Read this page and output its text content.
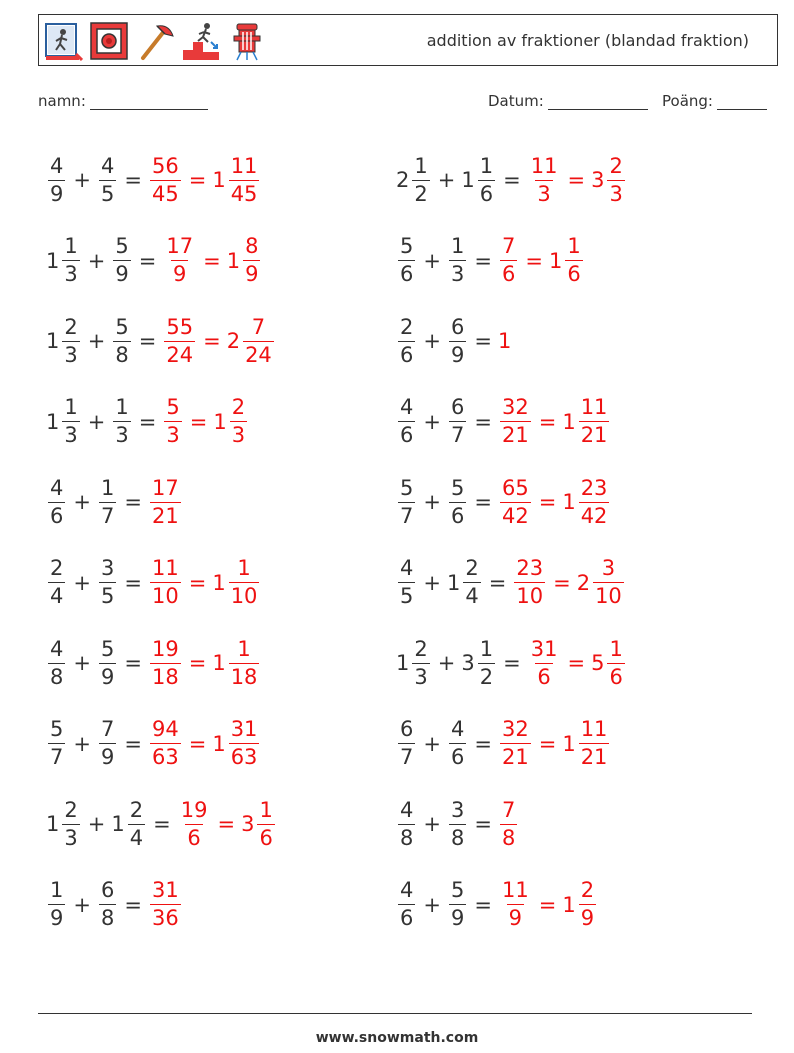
addition av fraktioner (blandad fraktion)
namn:	Datum:	Poäng:
$\frac{4}{9} + \frac{4}{5} = \frac{56}{45} = 1 \frac{11}{45}$	$2 \frac{1}{2} + 1 \frac{1}{6} = \frac{11}{3} = 3 \frac{2}{3}$
$1 \frac{1}{3} + \frac{5}{9} = \frac{17}{9} = 1 \frac{8}{9}$	$\frac{5}{6} + \frac{1}{3} = \frac{7}{6} = 1 \frac{1}{6}$
$1 \frac{2}{3} + \frac{5}{8} = \frac{55}{24} = 2 \frac{7}{24}$	$\frac{2}{6} + \frac{6}{9} = 1$
$1 \frac{1}{3} + \frac{1}{3} = \frac{5}{3} = 1 \frac{2}{3}$	$\frac{4}{6} + \frac{6}{7} = \frac{32}{21} = 1 \frac{11}{21}$
$\frac{4}{6} + \frac{1}{7} = \frac{17}{21}$	$\frac{5}{7} + \frac{5}{6} = \frac{65}{42} = 1 \frac{23}{42}$
$\frac{2}{4} + \frac{3}{5} = \frac{11}{10} = 1 \frac{1}{10}$	$\frac{4}{5} + 1 \frac{2}{4} = \frac{23}{10} = 2 \frac{3}{10}$
$\frac{4}{8} + \frac{5}{9} = \frac{19}{18} = 1 \frac{1}{18}$	$1 \frac{2}{3} + 3 \frac{1}{2} = \frac{31}{6} = 5 \frac{1}{6}$
$\frac{5}{7} + \frac{7}{9} = \frac{94}{63} = 1 \frac{31}{63}$	$\frac{6}{7} + \frac{4}{6} = \frac{32}{21} = 1 \frac{11}{21}$
$1 \frac{2}{3} + 1 \frac{2}{4} = \frac{19}{6} = 3 \frac{1}{6}$	$\frac{4}{8} + \frac{3}{8} = \frac{7}{8}$
$\frac{1}{9} + \frac{6}{8} = \frac{31}{36}$	$\frac{4}{6} + \frac{5}{9} = \frac{11}{9} = 1 \frac{2}{9}$
www.snowmath.com
